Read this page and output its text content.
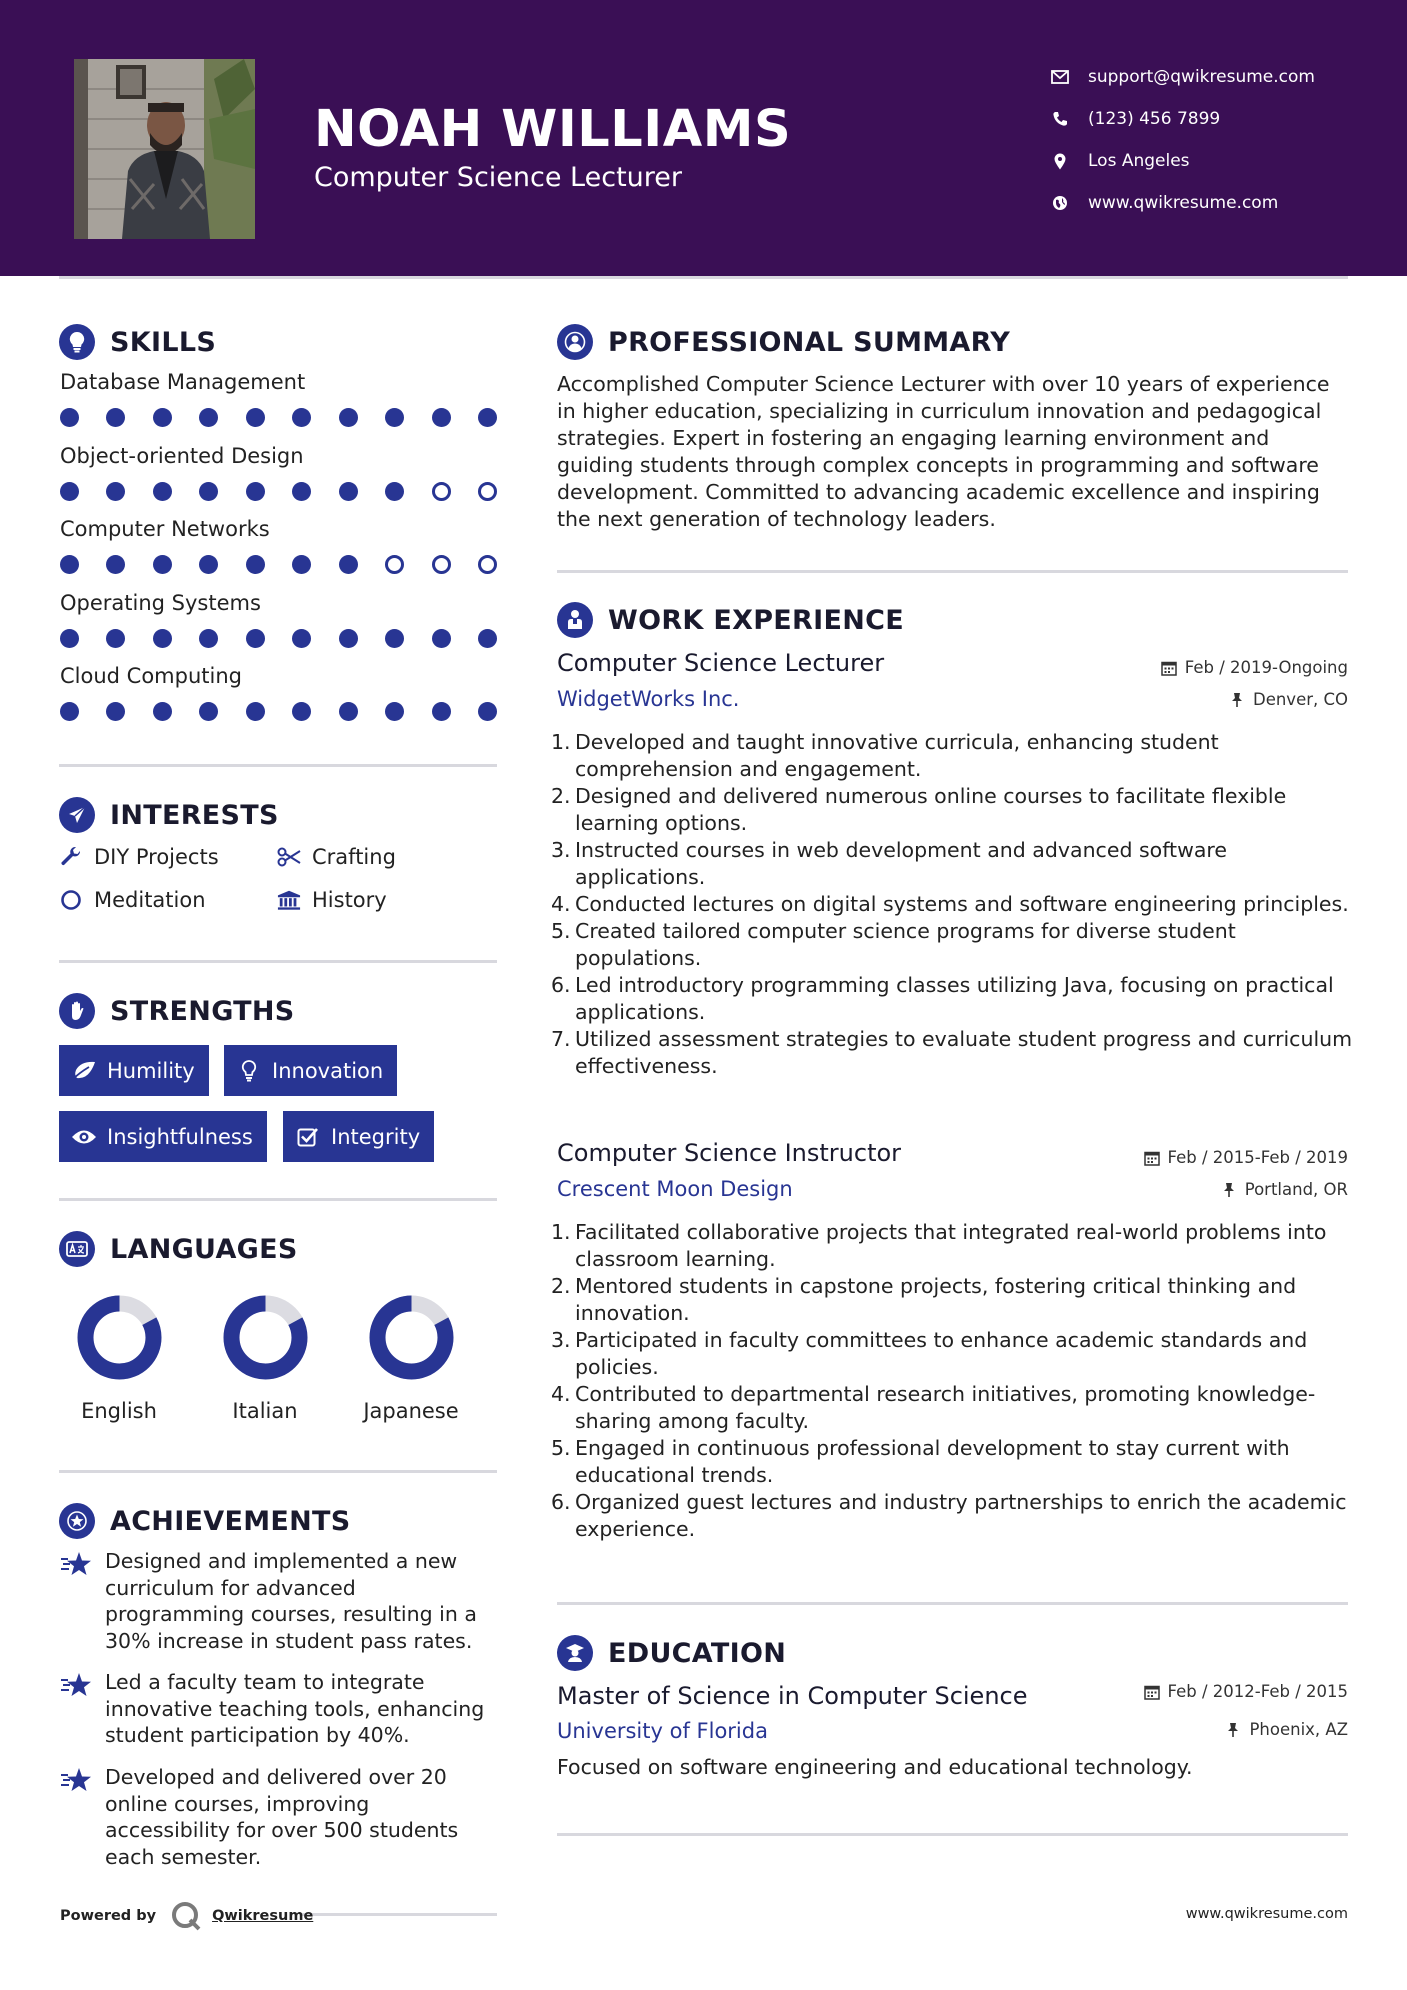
NOAH WILLIAMS
Computer Science Lecturer
support@qwikresume.com
(123) 456 7899
Los Angeles
www.qwikresume.com
SKILLS
Database Management
Object-oriented Design
Computer Networks
Operating Systems
Cloud Computing
INTERESTS
DIY Projects	Crafting
Meditation	History
STRENGTHS
Humility	Innovation
Insightfulness	Integrity
LANGUAGES
English	Italian	Japanese
ACHIEVEMENTS
Designed and implemented a new curriculum for advanced programming courses, resulting in a 30% increase in student pass rates.
Led a faculty team to integrate innovative teaching tools, enhancing student participation by 40%.
Developed and delivered over 20 online courses, improving accessibility for over 500 students each semester.
PROFESSIONAL SUMMARY
Accomplished Computer Science Lecturer with over 10 years of experience in higher education, specializing in curriculum innovation and pedagogical strategies. Expert in fostering an engaging learning environment and guiding students through complex concepts in programming and software development. Committed to advancing academic excellence and inspiring the next generation of technology leaders.
WORK EXPERIENCE
Computer Science Lecturer	Feb / 2019-Ongoing
WidgetWorks Inc.	Denver, CO
1. Developed and taught innovative curricula, enhancing student comprehension and engagement.
2. Designed and delivered numerous online courses to facilitate flexible learning options.
3. Instructed courses in web development and advanced software applications.
4. Conducted lectures on digital systems and software engineering principles.
5. Created tailored computer science programs for diverse student populations.
6. Led introductory programming classes utilizing Java, focusing on practical applications.
7. Utilized assessment strategies to evaluate student progress and curriculum effectiveness.
Computer Science Instructor	Feb / 2015-Feb / 2019
Crescent Moon Design	Portland, OR
1. Facilitated collaborative projects that integrated real-world problems into classroom learning.
2. Mentored students in capstone projects, fostering critical thinking and innovation.
3. Participated in faculty committees to enhance academic standards and policies.
4. Contributed to departmental research initiatives, promoting knowledge-sharing among faculty.
5. Engaged in continuous professional development to stay current with educational trends.
6. Organized guest lectures and industry partnerships to enrich the academic experience.
EDUCATION
Master of Science in Computer Science	Feb / 2012-Feb / 2015
University of Florida	Phoenix, AZ
Focused on software engineering and educational technology.
Powered by	Qwikresume	www.qwikresume.com
